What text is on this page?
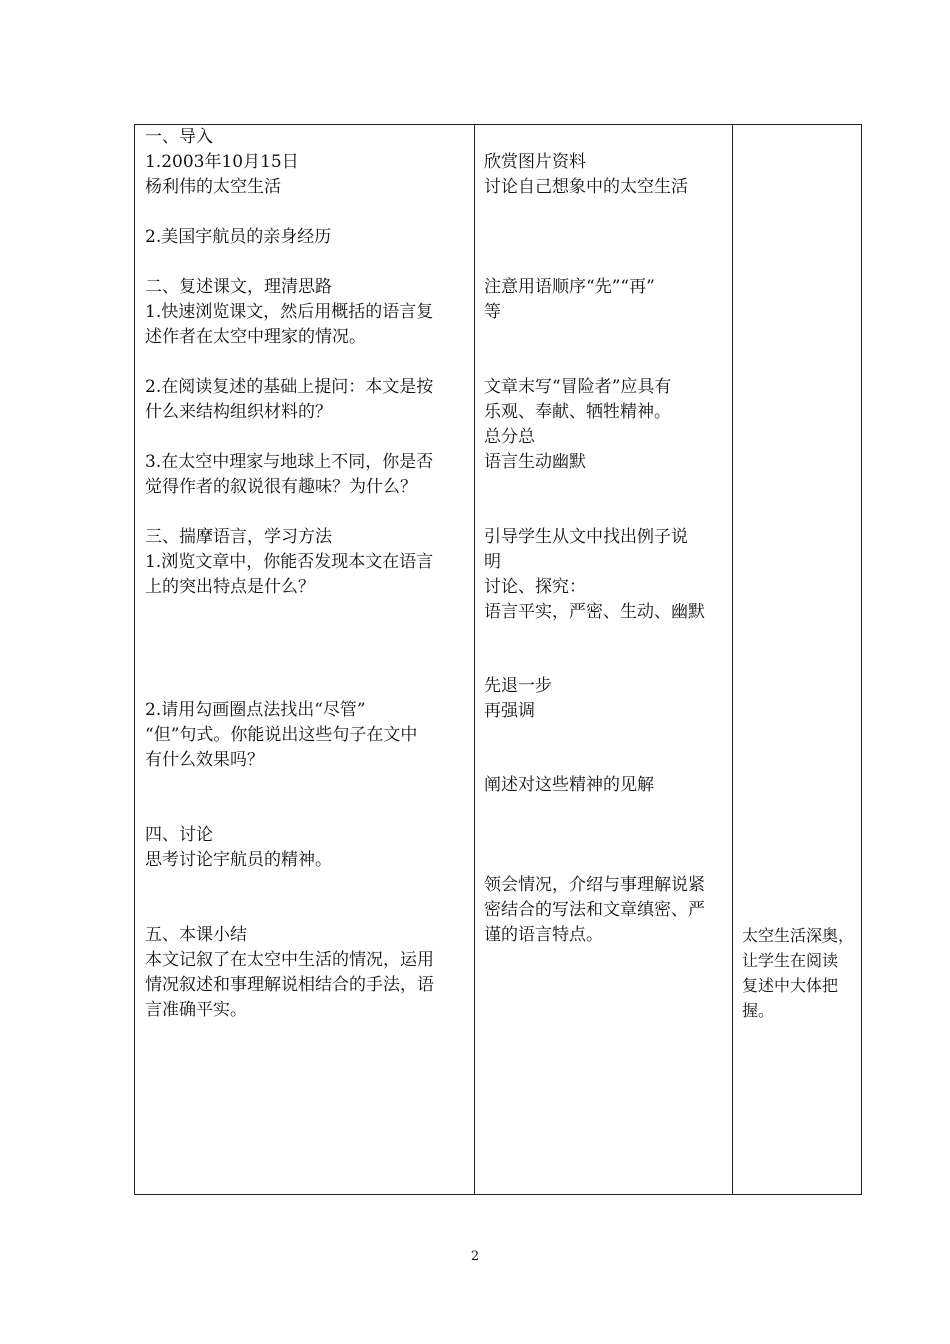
一、导入
1.2003年10月15日
杨利伟的太空生活
2.美国宇航员的亲身经历
二、复述课文，理清思路
1.快速浏览课文，然后用概括的语言复
述作者在太空中理家的情况。
2.在阅读复述的基础上提问：本文是按
什么来结构组织材料的？
3.在太空中理家与地球上不同，你是否
觉得作者的叙说很有趣味？为什么？
三、揣摩语言，学习方法
1.浏览文章中，你能否发现本文在语言
上的突出特点是什么？
2.请用勾画圈点法找出“尽管”
“但”句式。你能说出这些句子在文中
有什么效果吗？
四、讨论
思考讨论宇航员的精神。
五、本课小结
本文记叙了在太空中生活的情况，运用
情况叙述和事理解说相结合的手法，语
言准确平实。
欣赏图片资料
讨论自己想象中的太空生活
注意用语顺序“先”“再”
等
文章末写“冒险者”应具有
乐观、奉献、牺牲精神。
总分总
语言生动幽默
引导学生从文中找出例子说
明
讨论、探究：
语言平实，严密、生动、幽默
先退一步
再强调
阐述对这些精神的见解
领会情况，介绍与事理解说紧
密结合的写法和文章缜密、严
谨的语言特点。	太空生活深奥，
让学生在阅读
复述中大体把
握。
2
